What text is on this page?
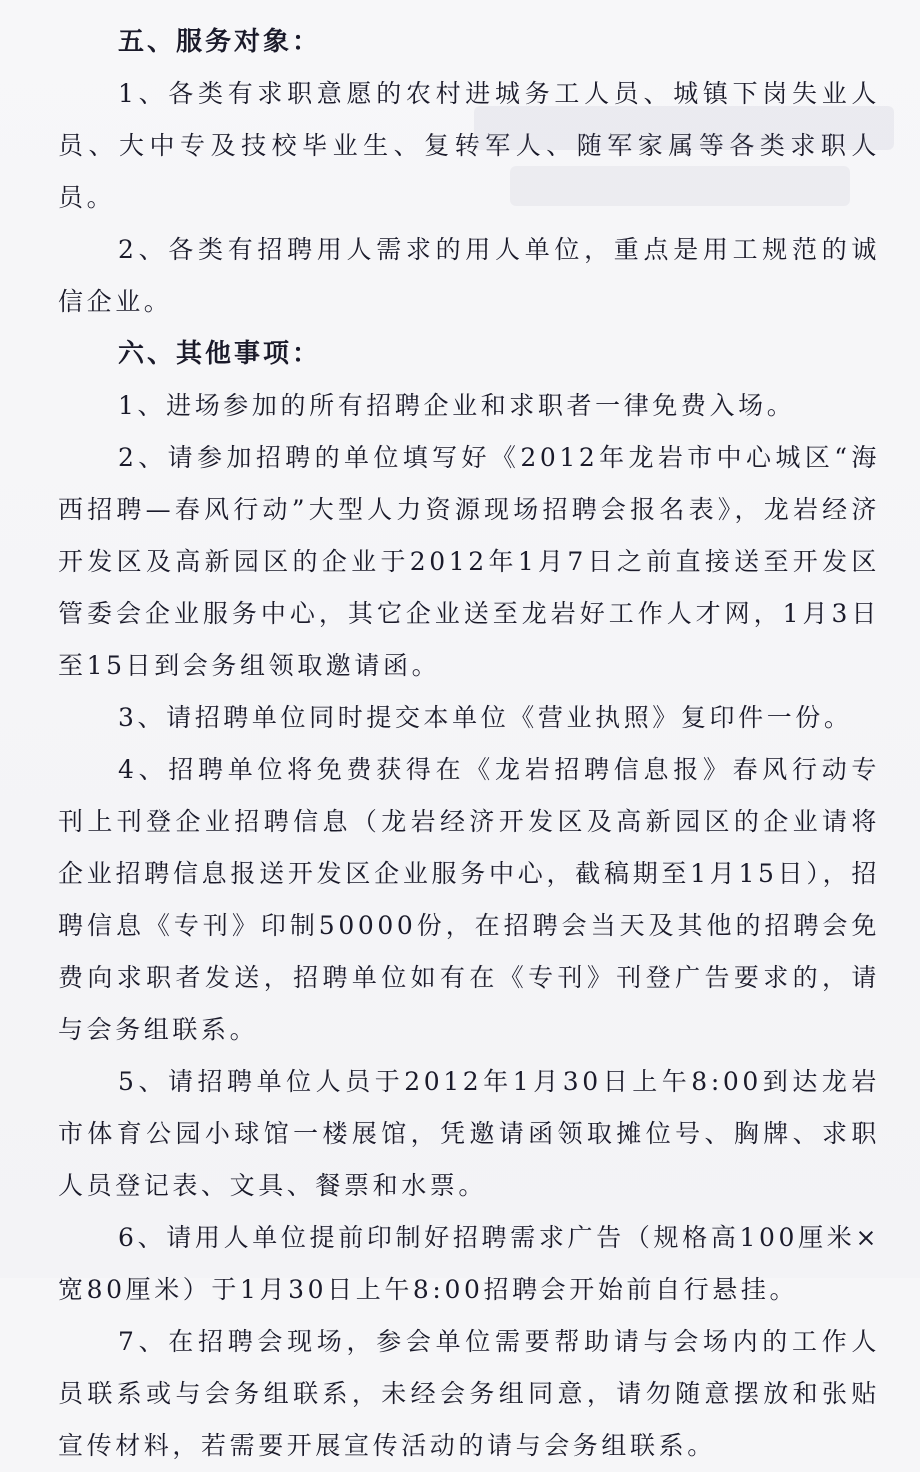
五、服务对象：

1、各类有求职意愿的农村进城务工人员、城镇下岗失业人员、大中专及技校毕业生、复转军人、随军家属等各类求职人员。

2、各类有招聘用人需求的用人单位，重点是用工规范的诚信企业。

六、其他事项：

1、进场参加的所有招聘企业和求职者一律免费入场。

2、请参加招聘的单位填写好《2012年龙岩市中心城区“海西招聘—春风行动”大型人力资源现场招聘会报名表》，龙岩经济开发区及高新园区的企业于2012年1月7日之前直接送至开发区管委会企业服务中心，其它企业送至龙岩好工作人才网，1月3日至15日到会务组领取邀请函。

3、请招聘单位同时提交本单位《营业执照》复印件一份。

4、招聘单位将免费获得在《龙岩招聘信息报》春风行动专刊上刊登企业招聘信息（龙岩经济开发区及高新园区的企业请将企业招聘信息报送开发区企业服务中心，截稿期至1月15日），招聘信息《专刊》印制50000份，在招聘会当天及其他的招聘会免费向求职者发送，招聘单位如有在《专刊》刊登广告要求的，请与会务组联系。

5、请招聘单位人员于2012年1月30日上午8:00到达龙岩市体育公园小球馆一楼展馆，凭邀请函领取摊位号、胸牌、求职人员登记表、文具、餐票和水票。

6、请用人单位提前印制好招聘需求广告（规格高100厘米×宽80厘米）于1月30日上午8:00招聘会开始前自行悬挂。

7、在招聘会现场，参会单位需要帮助请与会场内的工作人员联系或与会务组联系，未经会务组同意，请勿随意摆放和张贴宣传材料，若需要开展宣传活动的请与会务组联系。
